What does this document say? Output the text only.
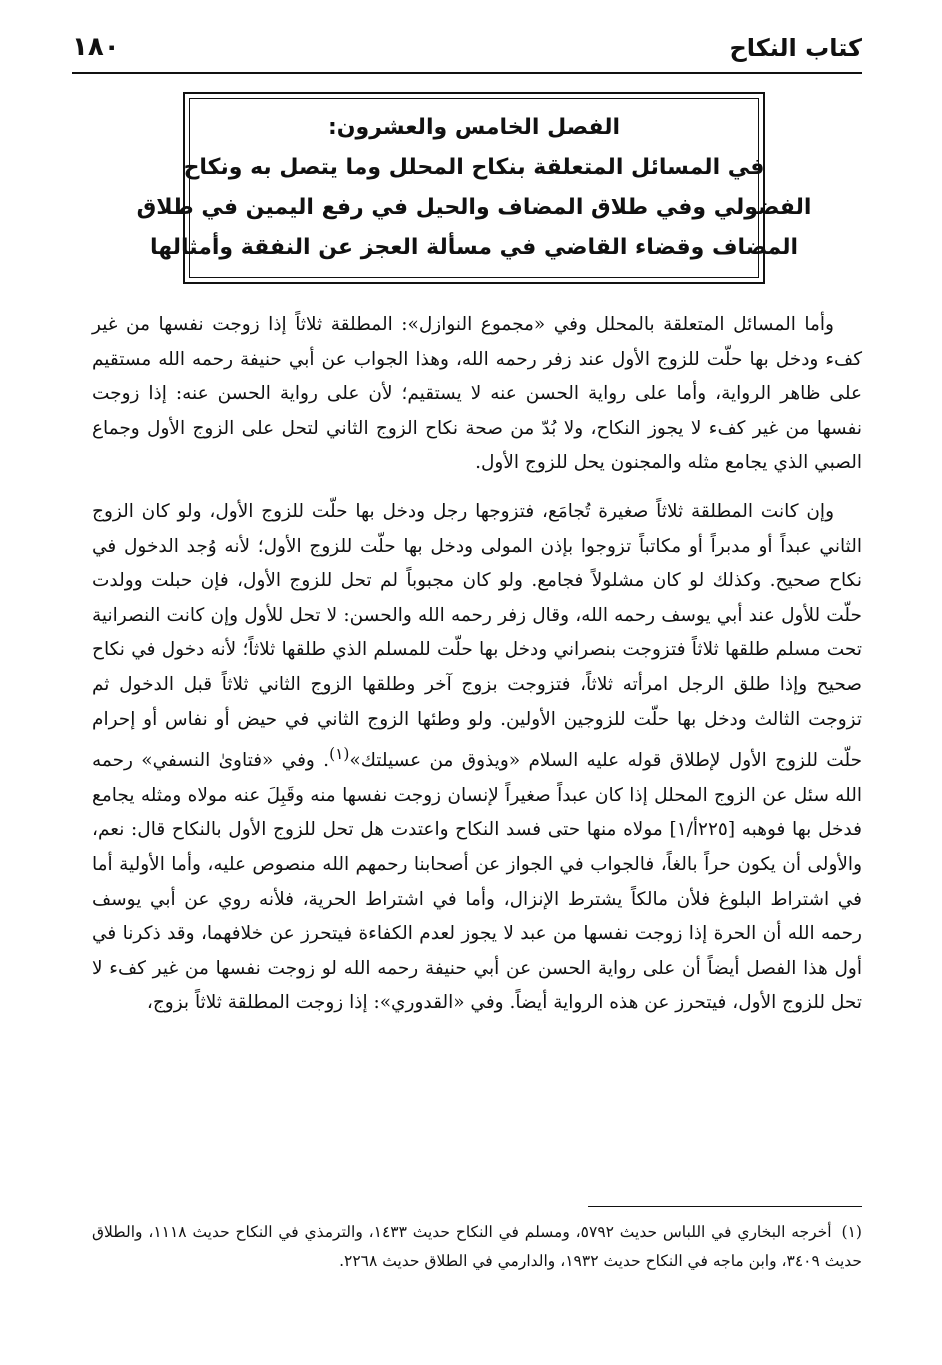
كتاب النكاح
١٨٠
الفصل الخامس والعشرون:
في المسائل المتعلقة بنكاح المحلل وما يتصل به ونكاح
الفضولي وفي طلاق المضاف والحيل في رفع اليمين في طلاق
المضاف وقضاء القاضي في مسألة العجز عن النفقة وأمثالها

وأما المسائل المتعلقة بالمحلل وفي «مجموع النوازل»: المطلقة ثلاثاً إذا زوجت نفسها من غير كفء ودخل بها حلّت للزوج الأول عند زفر رحمه الله، وهذا الجواب عن أبي حنيفة رحمه الله مستقيم على ظاهر الرواية، وأما على رواية الحسن عنه لا يستقيم؛ لأن على رواية الحسن عنه: إذا زوجت نفسها من غير كفء لا يجوز النكاح، ولا بُدّ من صحة نكاح الزوج الثاني لتحل على الزوج الأول وجماع الصبي الذي يجامع مثله والمجنون يحل للزوج الأول.

وإن كانت المطلقة ثلاثاً صغيرة تُجامَع، فتزوجها رجل ودخل بها حلّت للزوج الأول، ولو كان الزوج الثاني عبداً أو مدبراً أو مكاتباً تزوجوا بإذن المولى ودخل بها حلّت للزوج الأول؛ لأنه وُجد الدخول في نكاح صحيح. وكذلك لو كان مشلولاً فجامع. ولو كان مجبوباً لم تحل للزوج الأول، فإن حبلت وولدت حلّت للأول عند أبي يوسف رحمه الله، وقال زفر رحمه الله والحسن: لا تحل للأول وإن كانت النصرانية تحت مسلم طلقها ثلاثاً فتزوجت بنصراني ودخل بها حلّت للمسلم الذي طلقها ثلاثاً؛ لأنه دخول في نكاح صحيح وإذا طلق الرجل امرأته ثلاثاً، فتزوجت بزوج آخر وطلقها الزوج الثاني ثلاثاً قبل الدخول ثم تزوجت الثالث ودخل بها حلّت للزوجين الأولين. ولو وطئها الزوج الثاني في حيض أو نفاس أو إحرام حلّت للزوج الأول لإطلاق قوله عليه السلام «ويذوق من عسيلتك»$^{(١)}$. وفي «فتاوىٰ النسفي» رحمه الله سئل عن الزوج المحلل إذا كان عبداً صغيراً لإنسان زوجت نفسها منه وقَبِلَ عنه مولاه ومثله يجامع فدخل بها فوهبه [٢٢٥أ/١] مولاه منها حتى فسد النكاح واعتدت هل تحل للزوج الأول بالنكاح قال: نعم، والأولى أن يكون حراً بالغاً، فالجواب في الجواز عن أصحابنا رحمهم الله منصوص عليه، وأما الأولية أما في اشتراط البلوغ فلأن مالكاً يشترط الإنزال، وأما في اشتراط الحرية، فلأنه روي عن أبي يوسف رحمه الله أن الحرة إذا زوجت نفسها من عبد لا يجوز لعدم الكفاءة فيتحرز عن خلافهما، وقد ذكرنا في أول هذا الفصل أيضاً أن على رواية الحسن عن أبي حنيفة رحمه الله لو زوجت نفسها من غير كفء لا تحل للزوج الأول، فيتحرز عن هذه الرواية أيضاً. وفي «القدوري»: إذا زوجت المطلقة ثلاثاً بزوج،

(١)أخرجه البخاري في اللباس حديث ٥٧٩٢، ومسلم في النكاح حديث ١٤٣٣، والترمذي في النكاح حديث ١١١٨، والطلاق حديث ٣٤٠٩، وابن ماجه في النكاح حديث ١٩٣٢، والدارمي في الطلاق حديث ٢٢٦٨.
